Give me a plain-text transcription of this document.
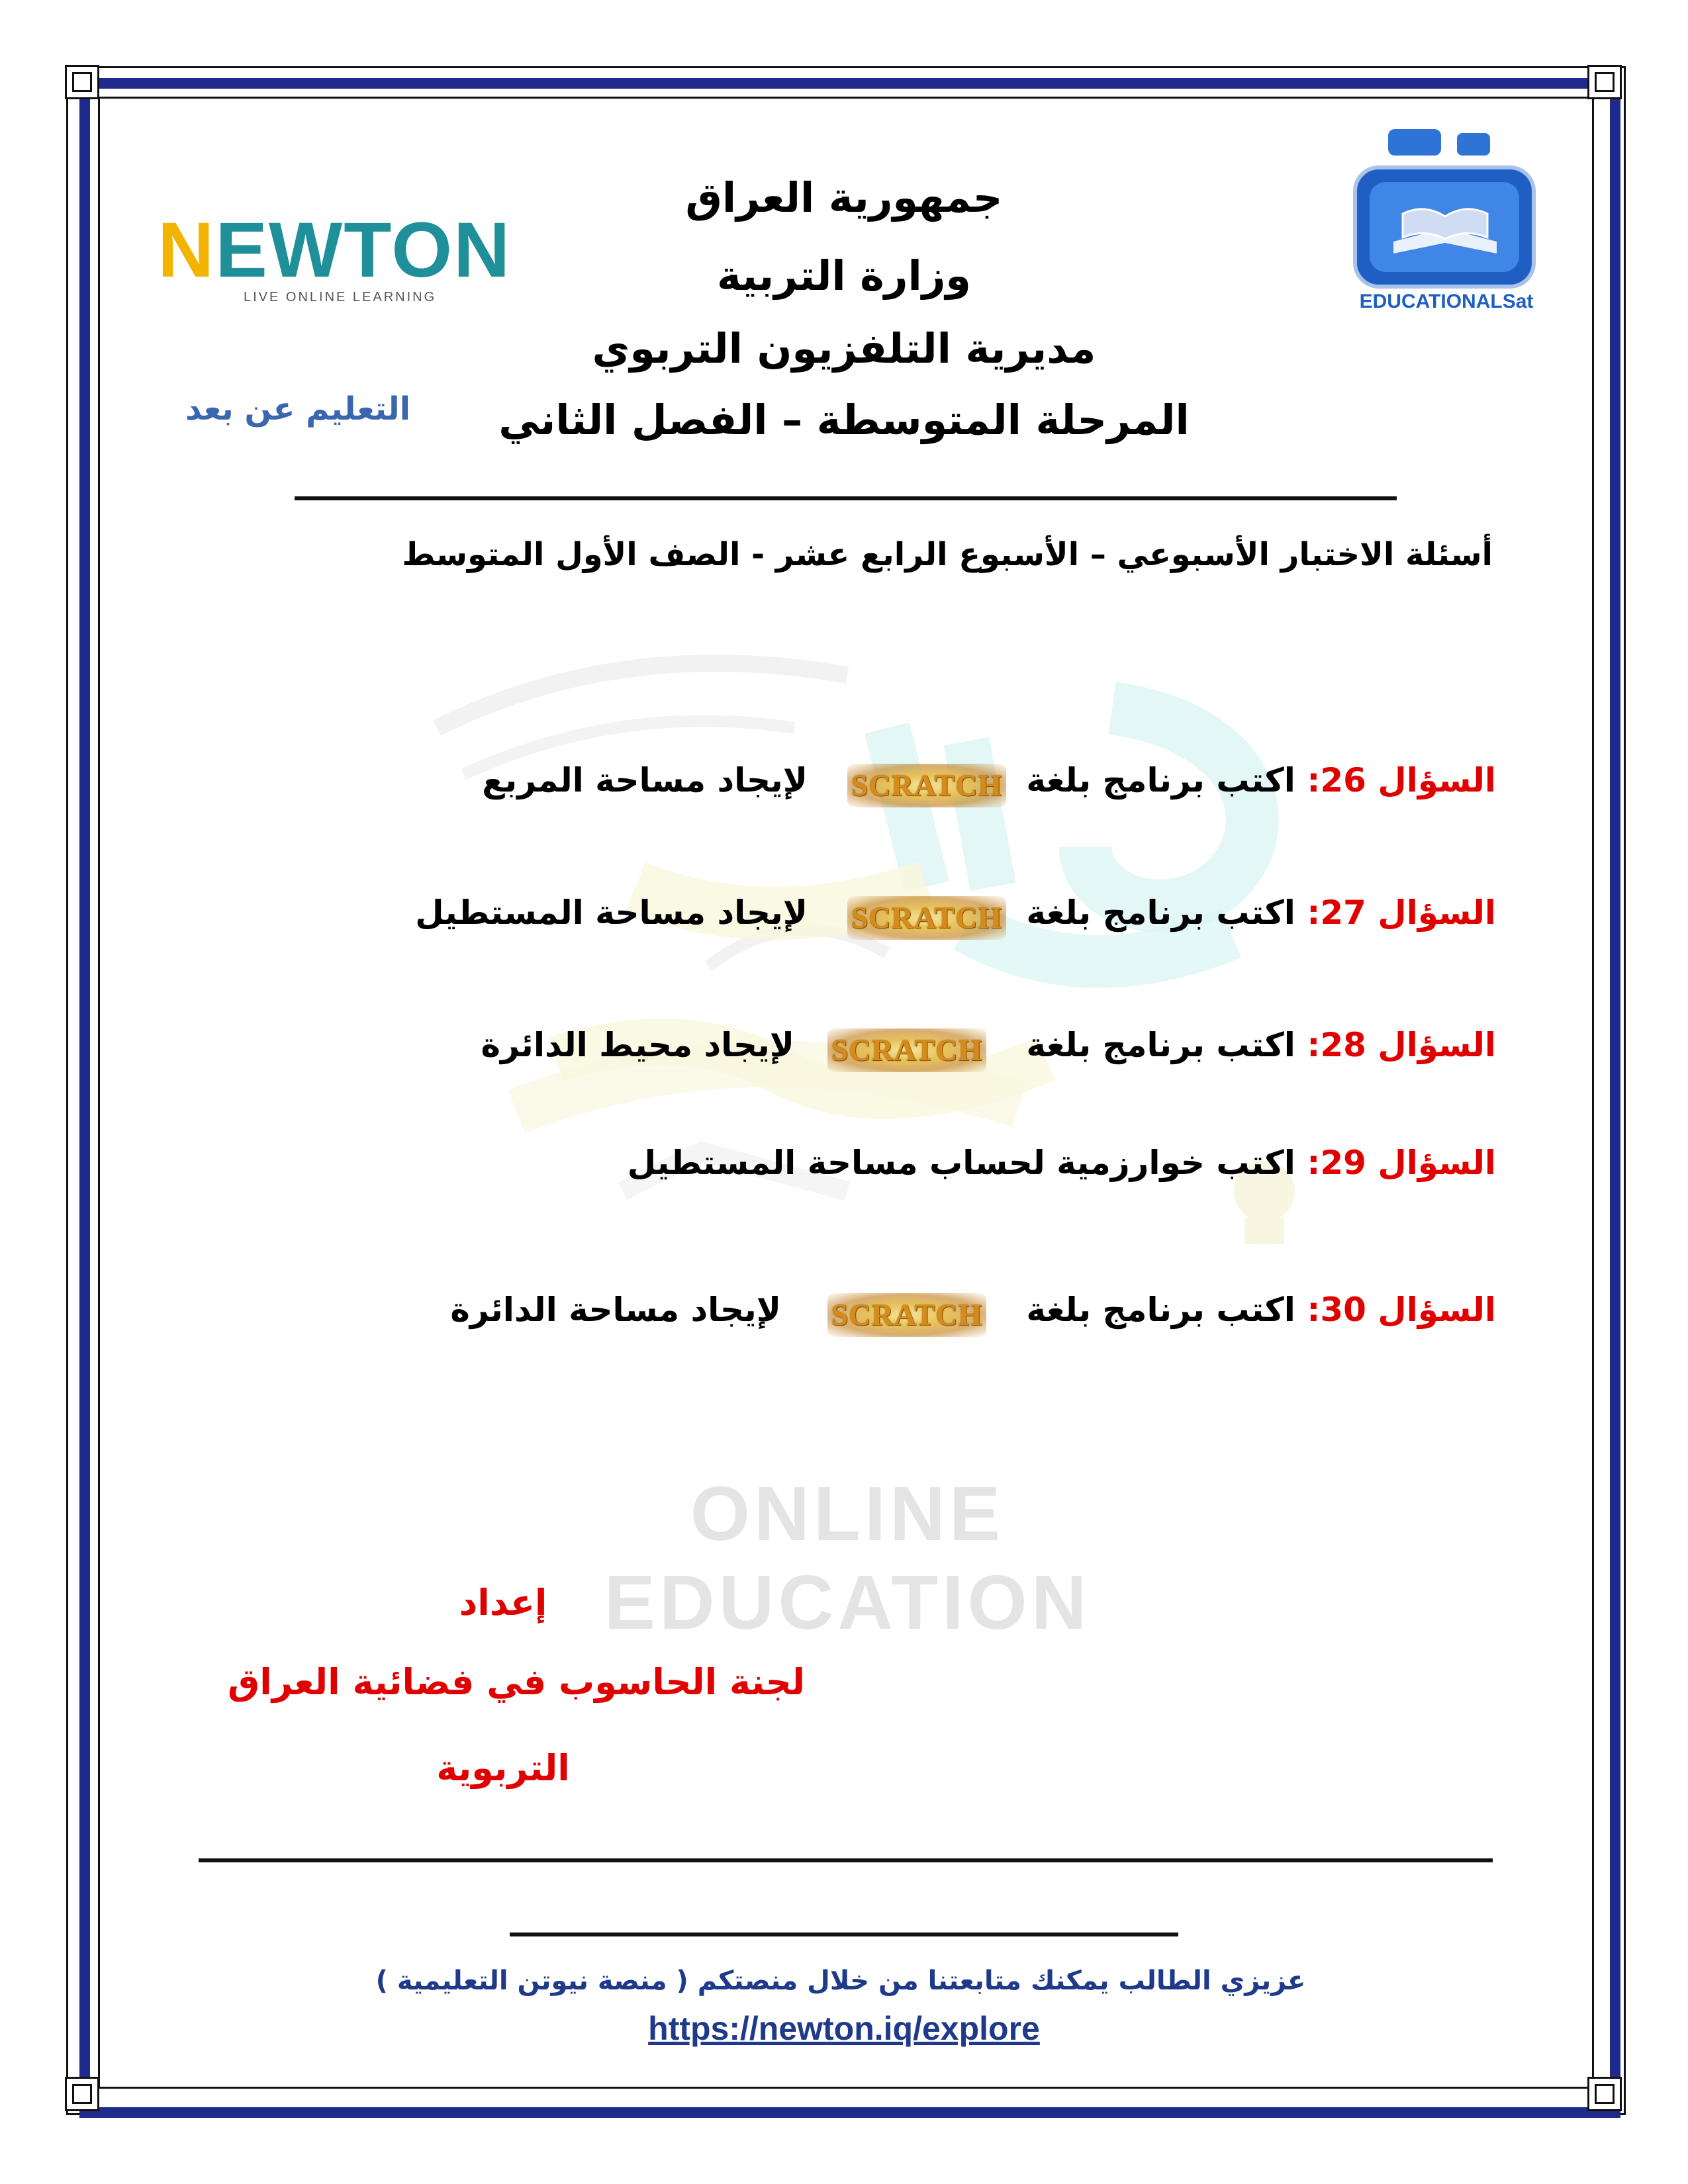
ONLINE EDUCATION
جمهورية العراق
وزارة التربية
مديرية التلفزيون التربوي
المرحلة المتوسطة – الفصل الثاني
NEWTON
LIVE ONLINE LEARNING
التعليم عن بعد
EDUCATIONALSat
أسئلة الاختبار الأسبوعي – الأسبوع الرابع عشر - الصف الأول المتوسط
السؤال 26: اكتب برنامج بلغة
SCRATCH
لإيجاد مساحة المربع
السؤال 27: اكتب برنامج بلغة
SCRATCH
لإيجاد مساحة المستطيل
السؤال 28: اكتب برنامج بلغة
SCRATCH
لإيجاد محيط الدائرة
السؤال 29: اكتب خوارزمية لحساب مساحة المستطيل
السؤال 30: اكتب برنامج بلغة
SCRATCH
لإيجاد مساحة الدائرة
إعداد
لجنة الحاسوب في فضائية العراق
التربوية
عزيزي الطالب يمكنك متابعتنا من خلال منصتكم ( منصة نيوتن التعليمية )
https://newton.iq/explore
